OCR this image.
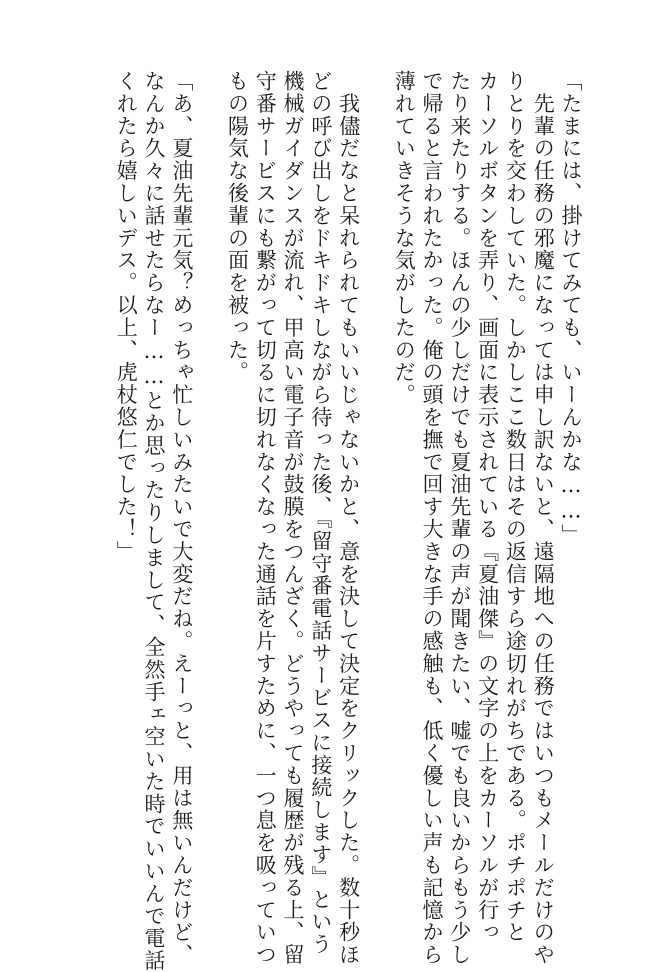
「たまには、掛けてみても、いーんかな……」
　先輩の任務の邪魔になっては申し訳ないと、遠隔地への任務ではいつもメールだけのや
りとりを交わしていた。しかしここ数日はその返信すら途切れがちである。ポチポチと
カーソルボタンを弄り、画面に表示されている『夏油傑』の文字の上をカーソルが行っ
たり来たりする。ほんの少しだけでも夏油先輩の声が聞きたい、嘘でも良いからもう少し
で帰ると言われたかった。俺の頭を撫で回す大きな手の感触も、低く優しい声も記憶から
薄れていきそうな気がしたのだ。
　我儘だなと呆れられてもいいじゃないかと、意を決して決定をクリックした。数十秒ほ
どの呼び出しをドキドキしながら待った後、『留守番電話サービスに接続します』という
機械ガイダンスが流れ、甲高い電子音が鼓膜をつんざく。どうやっても履歴が残る上、留
守番サービスにも繋がって切るに切れなくなった通話を片すために、一つ息を吸っていつ
もの陽気な後輩の面を被った。
「あ、夏油先輩元気？めっちゃ忙しいみたいで大変だね。えーっと、用は無いんだけど、
なんか久々に話せたらなー……とか思ったりしまして、全然手ェ空いた時でいいんで電話
くれたら嬉しいデス。以上、虎杖悠仁でした！」
